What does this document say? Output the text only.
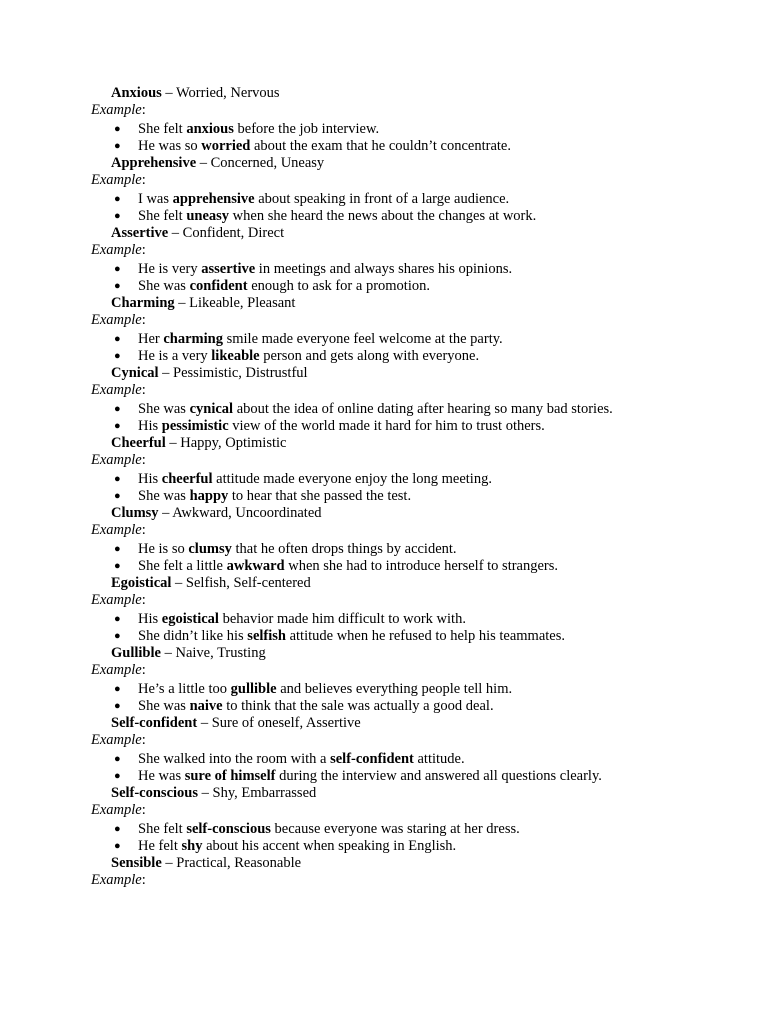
Anxious – Worried, Nervous
Example:
● She felt anxious before the job interview.
● He was so worried about the exam that he couldn’t concentrate.
Apprehensive – Concerned, Uneasy
Example:
● I was apprehensive about speaking in front of a large audience.
● She felt uneasy when she heard the news about the changes at work.
Assertive – Confident, Direct
Example:
● He is very assertive in meetings and always shares his opinions.
● She was confident enough to ask for a promotion.
Charming – Likeable, Pleasant
Example:
● Her charming smile made everyone feel welcome at the party.
● He is a very likeable person and gets along with everyone.
Cynical – Pessimistic, Distrustful
Example:
● She was cynical about the idea of online dating after hearing so many bad stories.
● His pessimistic view of the world made it hard for him to trust others.
Cheerful – Happy, Optimistic
Example:
● His cheerful attitude made everyone enjoy the long meeting.
● She was happy to hear that she passed the test.
Clumsy – Awkward, Uncoordinated
Example:
● He is so clumsy that he often drops things by accident.
● She felt a little awkward when she had to introduce herself to strangers.
Egoistical – Selfish, Self-centered
Example:
● His egoistical behavior made him difficult to work with.
● She didn’t like his selfish attitude when he refused to help his teammates.
Gullible – Naive, Trusting
Example:
● He’s a little too gullible and believes everything people tell him.
● She was naive to think that the sale was actually a good deal.
Self-confident – Sure of oneself, Assertive
Example:
● She walked into the room with a self-confident attitude.
● He was sure of himself during the interview and answered all questions clearly.
Self-conscious – Shy, Embarrassed
Example:
● She felt self-conscious because everyone was staring at her dress.
● He felt shy about his accent when speaking in English.
Sensible – Practical, Reasonable
Example:
